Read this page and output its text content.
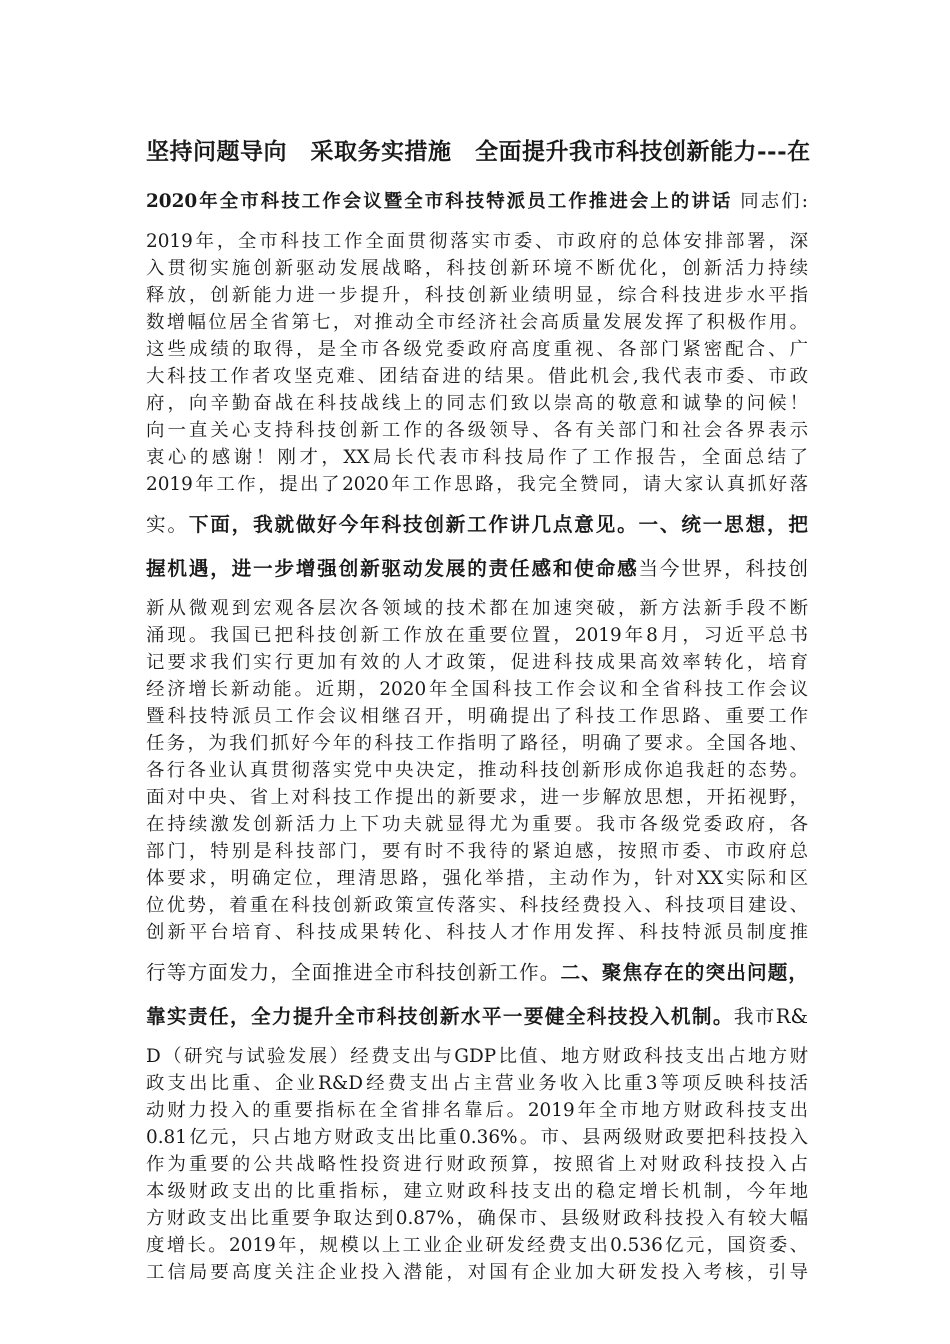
坚持问题导向　采取务实措施　全面提升我市科技创新能力---在
2020年全市科技工作会议暨全市科技特派员工作推进会上的讲话 同志们:
2019年，全市科技工作全面贯彻落实市委、市政府的总体安排部署，深
入贯彻实施创新驱动发展战略，科技创新环境不断优化，创新活力持续
释放，创新能力进一步提升，科技创新业绩明显，综合科技进步水平指
数增幅位居全省第七，对推动全市经济社会高质量发展发挥了积极作用。
这些成绩的取得，是全市各级党委政府高度重视、各部门紧密配合、广
大科技工作者攻坚克难、团结奋进的结果。借此机会,我代表市委、市政
府，向辛勤奋战在科技战线上的同志们致以崇高的敬意和诚挚的问候！
向一直关心支持科技创新工作的各级领导、各有关部门和社会各界表示
衷心的感谢！刚才，XX局长代表市科技局作了工作报告，全面总结了
2019年工作，提出了2020年工作思路，我完全赞同，请大家认真抓好落
实。下面，我就做好今年科技创新工作讲几点意见。一、统一思想，把
握机遇，进一步增强创新驱动发展的责任感和使命感当今世界，科技创
新从微观到宏观各层次各领域的技术都在加速突破，新方法新手段不断
涌现。我国已把科技创新工作放在重要位置，2019年8月，习近平总书
记要求我们实行更加有效的人才政策，促进科技成果高效率转化，培育
经济增长新动能。近期，2020年全国科技工作会议和全省科技工作会议
暨科技特派员工作会议相继召开，明确提出了科技工作思路、重要工作
任务，为我们抓好今年的科技工作指明了路径，明确了要求。全国各地、
各行各业认真贯彻落实党中央决定，推动科技创新形成你追我赶的态势。
面对中央、省上对科技工作提出的新要求，进一步解放思想，开拓视野，
在持续激发创新活力上下功夫就显得尤为重要。我市各级党委政府，各
部门，特别是科技部门，要有时不我待的紧迫感，按照市委、市政府总
体要求，明确定位，理清思路，强化举措，主动作为，针对XX实际和区
位优势，着重在科技创新政策宣传落实、科技经费投入、科技项目建设、
创新平台培育、科技成果转化、科技人才作用发挥、科技特派员制度推
行等方面发力，全面推进全市科技创新工作。二、聚焦存在的突出问题，
靠实责任，全力提升全市科技创新水平一要健全科技投入机制。我市R&
D（研究与试验发展）经费支出与GDP比值、地方财政科技支出占地方财
政支出比重、企业R&D经费支出占主营业务收入比重3等项反映科技活
动财力投入的重要指标在全省排名靠后。2019年全市地方财政科技支出
0.81亿元，只占地方财政支出比重0.36%。市、县两级财政要把科技投入
作为重要的公共战略性投资进行财政预算，按照省上对财政科技投入占
本级财政支出的比重指标，建立财政科技支出的稳定增长机制，今年地
方财政支出比重要争取达到0.87%，确保市、县级财政科技投入有较大幅
度增长。2019年，规模以上工业企业研发经费支出0.536亿元，国资委、
工信局要高度关注企业投入潜能，对国有企业加大研发投入考核，引导
